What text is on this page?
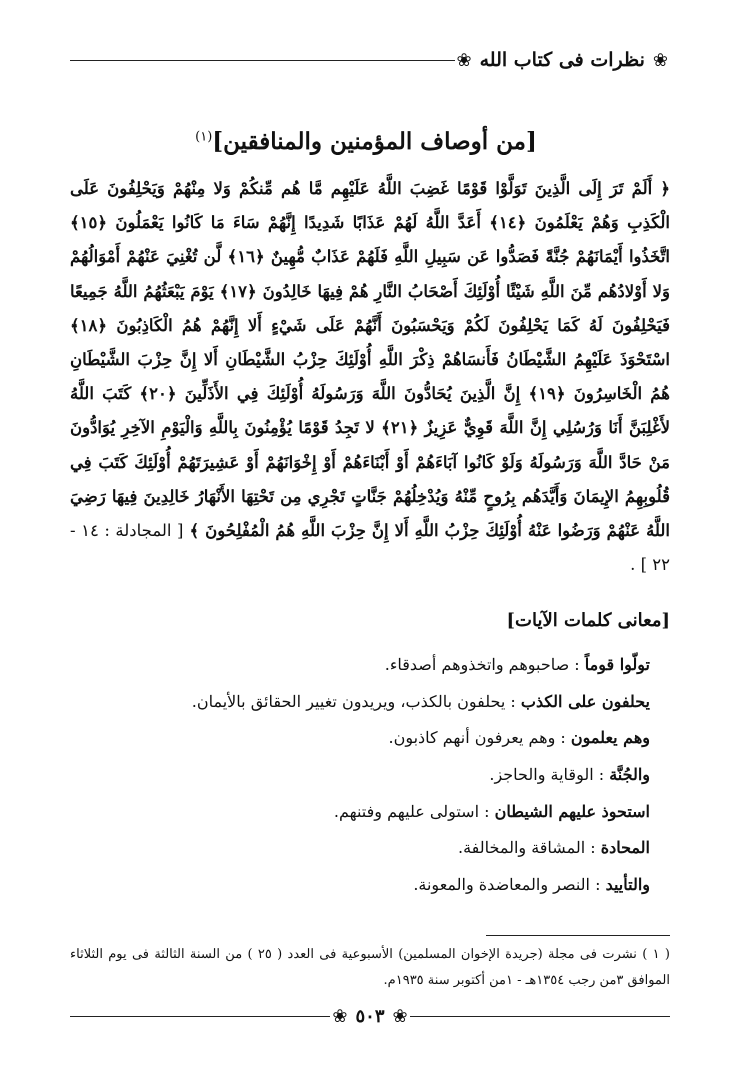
❀
نظرات فى كتاب الله
❀
[من أوصاف المؤمنين والمنافقين]$^{(١)}$
﴿ أَلَمْ تَرَ إِلَى الَّذِينَ تَوَلَّوْا قَوْمًا غَضِبَ اللَّهُ عَلَيْهِم مَّا هُم مِّنكُمْ وَلا مِنْهُمْ وَيَحْلِفُونَ عَلَى الْكَذِبِ وَهُمْ يَعْلَمُونَ ﴿١٤﴾ أَعَدَّ اللَّهُ لَهُمْ عَذَابًا شَدِيدًا إِنَّهُمْ سَاءَ مَا كَانُوا يَعْمَلُونَ ﴿١٥﴾ اتَّخَذُوا أَيْمَانَهُمْ جُنَّةً فَصَدُّوا عَن سَبِيلِ اللَّهِ فَلَهُمْ عَذَابٌ مُّهِينٌ ﴿١٦﴾ لَّن تُغْنِيَ عَنْهُمْ أَمْوَالُهُمْ وَلا أَوْلادُهُم مِّنَ اللَّهِ شَيْئًا أُوْلَئِكَ أَصْحَابُ النَّارِ هُمْ فِيهَا خَالِدُونَ ﴿١٧﴾ يَوْمَ يَبْعَثُهُمُ اللَّهُ جَمِيعًا فَيَحْلِفُونَ لَهُ كَمَا يَحْلِفُونَ لَكُمْ وَيَحْسَبُونَ أَنَّهُمْ عَلَى شَيْءٍ أَلا إِنَّهُمْ هُمُ الْكَاذِبُونَ ﴿١٨﴾ اسْتَحْوَذَ عَلَيْهِمُ الشَّيْطَانُ فَأَنسَاهُمْ ذِكْرَ اللَّهِ أُوْلَئِكَ حِزْبُ الشَّيْطَانِ أَلا إِنَّ حِزْبَ الشَّيْطَانِ هُمُ الْخَاسِرُونَ ﴿١٩﴾ إِنَّ الَّذِينَ يُحَادُّونَ اللَّهَ وَرَسُولَهُ أُوْلَئِكَ فِي الأَذَلِّينَ ﴿٢٠﴾ كَتَبَ اللَّهُ لأَغْلِبَنَّ أَنَا وَرُسُلِي إِنَّ اللَّهَ قَوِيٌّ عَزِيزٌ ﴿٢١﴾ لا تَجِدُ قَوْمًا يُؤْمِنُونَ بِاللَّهِ وَالْيَوْمِ الآخِرِ يُوَادُّونَ مَنْ حَادَّ اللَّهَ وَرَسُولَهُ وَلَوْ كَانُوا آبَاءَهُمْ أَوْ أَبْنَاءَهُمْ أَوْ إِخْوَانَهُمْ أَوْ عَشِيرَتَهُمْ أُوْلَئِكَ كَتَبَ فِي قُلُوبِهِمُ الإِيمَانَ وَأَيَّدَهُم بِرُوحٍ مِّنْهُ وَيُدْخِلُهُمْ جَنَّاتٍ تَجْرِي مِن تَحْتِهَا الأَنْهَارُ خَالِدِينَ فِيهَا رَضِيَ اللَّهُ عَنْهُمْ وَرَضُوا عَنْهُ أُوْلَئِكَ حِزْبُ اللَّهِ أَلا إِنَّ حِزْبَ اللَّهِ هُمُ الْمُفْلِحُونَ ﴾ [ المجادلة : ١٤ - ٢٢ ] .
[معانى كلمات الآيات]
تولّوا قوماً : صاحبوهم واتخذوهم أصدقاء.
يحلفون على الكذب : يحلفون بالكذب، ويريدون تغيير الحقائق بالأيمان.
وهم يعلمون : وهم يعرفون أنهم كاذبون.
والجُنَّة : الوقاية والحاجز.
استحوذ عليهم الشيطان : استولى عليهم وفتنهم.
المحادة : المشاقة والمخالفة.
والتأييد : النصر والمعاضدة والمعونة.
( ١ ) نشرت فى مجلة (جريدة الإخوان المسلمين) الأسبوعية فى العدد ( ٢٥ ) من السنة الثالثة فى يوم الثلاثاء الموافق ٣من رجب ١٣٥٤هـ - ١من أكتوبر سنة ١٩٣٥م.
❀
٥٠٣
❀
